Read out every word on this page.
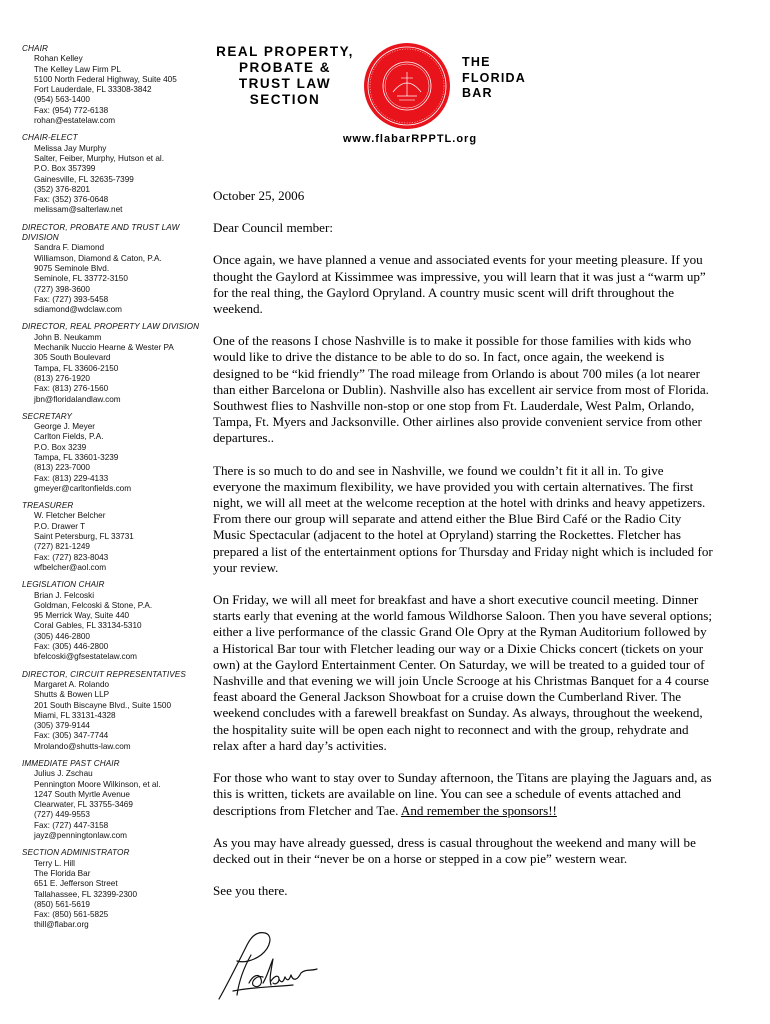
CHAIR
Rohan Kelley
The Kelley Law Firm PL
5100 North Federal Highway, Suite 405
Fort Lauderdale, FL 33308-3842
(954) 563-1400
Fax: (954) 772-6138
rohan@estatelaw.com
CHAIR-ELECT
Melissa Jay Murphy
Salter, Feiber, Murphy, Hutson et al.
P.O. Box 357399
Gainesville, FL 32635-7399
(352) 376-8201
Fax: (352) 376-0648
melissam@salterlaw.net
DIRECTOR, PROBATE AND TRUST LAW DIVISION
Sandra F. Diamond
Williamson, Diamond & Caton, P.A.
9075 Seminole Blvd.
Seminole, FL 33772-3150
(727) 398-3600
Fax: (727) 393-5458
sdiamond@wdclaw.com
DIRECTOR, REAL PROPERTY LAW DIVISION
John B. Neukamm
Mechanik Nuccio Hearne & Wester PA
305 South Boulevard
Tampa, FL 33606-2150
(813) 276-1920
Fax: (813) 276-1560
jbn@floridalandlaw.com
SECRETARY
George J. Meyer
Carlton Fields, P.A.
P.O. Box 3239
Tampa, FL 33601-3239
(813) 223-7000
Fax: (813) 229-4133
gmeyer@carltonfields.com
TREASURER
W. Fletcher Belcher
P.O. Drawer T
Saint Petersburg, FL 33731
(727) 821-1249
Fax: (727) 823-8043
wfbelcher@aol.com
LEGISLATION CHAIR
Brian J. Felcoski
Goldman, Felcoski & Stone, P.A.
95 Merrick Way, Suite 440
Coral Gables, FL 33134-5310
(305) 446-2800
Fax: (305) 446-2800
bfelcoski@gfsestatelaw.com
DIRECTOR, CIRCUIT REPRESENTATIVES
Margaret A. Rolando
Shutts & Bowen LLP
201 South Biscayne Blvd., Suite 1500
Miami, FL 33131-4328
(305) 379-9144
Fax: (305) 347-7744
Mrolando@shutts-law.com
IMMEDIATE PAST CHAIR
Julius J. Zschau
Pennington Moore Wilkinson, et al.
1247 South Myrtle Avenue
Clearwater, FL 33755-3469
(727) 449-9553
Fax: (727) 447-3158
jayz@penningtonlaw.com
SECTION ADMINISTRATOR
Terry L. Hill
The Florida Bar
651 E. Jefferson Street
Tallahassee, FL 32399-2300
(850) 561-5619
Fax: (850) 561-5825
thill@flabar.org
REAL PROPERTY,
PROBATE &
TRUST LAW
SECTION
THE
FLORIDA
BAR
www.flabarRPPTL.org
October 25, 2006

Dear Council member:

Once again, we have planned a venue and associated events for your meeting pleasure. If you thought the Gaylord at Kissimmee was impressive, you will learn that it was just a “warm up” for the real thing, the Gaylord Opryland. A country music scent will drift throughout the weekend.

One of the reasons I chose Nashville is to make it possible for those families with kids who would like to drive the distance to be able to do so. In fact, once again, the weekend is designed to be “kid friendly” The road mileage from Orlando is about 700 miles (a lot nearer than either Barcelona or Dublin). Nashville also has excellent air service from most of Florida. Southwest flies to Nashville non-stop or one stop from Ft. Lauderdale, West Palm, Orlando, Tampa, Ft. Myers and Jacksonville. Other airlines also provide convenient service from other departures..

There is so much to do and see in Nashville, we found we couldn’t fit it all in. To give everyone the maximum flexibility, we have provided you with certain alternatives. The first night, we will all meet at the welcome reception at the hotel with drinks and heavy appetizers. From there our group will separate and attend either the Blue Bird Café or the Radio City Music Spectacular (adjacent to the hotel at Opryland) starring the Rockettes. Fletcher has prepared a list of the entertainment options for Thursday and Friday night which is included for your review.

On Friday, we will all meet for breakfast and have a short executive council meeting. Dinner starts early that evening at the world famous Wildhorse Saloon. Then you have several options; either a live performance of the classic Grand Ole Opry at the Ryman Auditorium followed by a Historical Bar tour with Fletcher leading our way or a Dixie Chicks concert (tickets on your own) at the Gaylord Entertainment Center. On Saturday, we will be treated to a guided tour of Nashville and that evening we will join Uncle Scrooge at his Christmas Banquet for a 4 course feast aboard the General Jackson Showboat for a cruise down the Cumberland River. The weekend concludes with a farewell breakfast on Sunday. As always, throughout the weekend, the hospitality suite will be open each night to reconnect and with the group, rehydrate and relax after a hard day’s activities.

For those who want to stay over to Sunday afternoon, the Titans are playing the Jaguars and, as this is written, tickets are available on line. You can see a schedule of events attached and descriptions from Fletcher and Tae. And remember the sponsors!!

As you may have already guessed, dress is casual throughout the weekend and many will be decked out in their “never be on a horse or stepped in a cow pie” western wear.

See you there.
